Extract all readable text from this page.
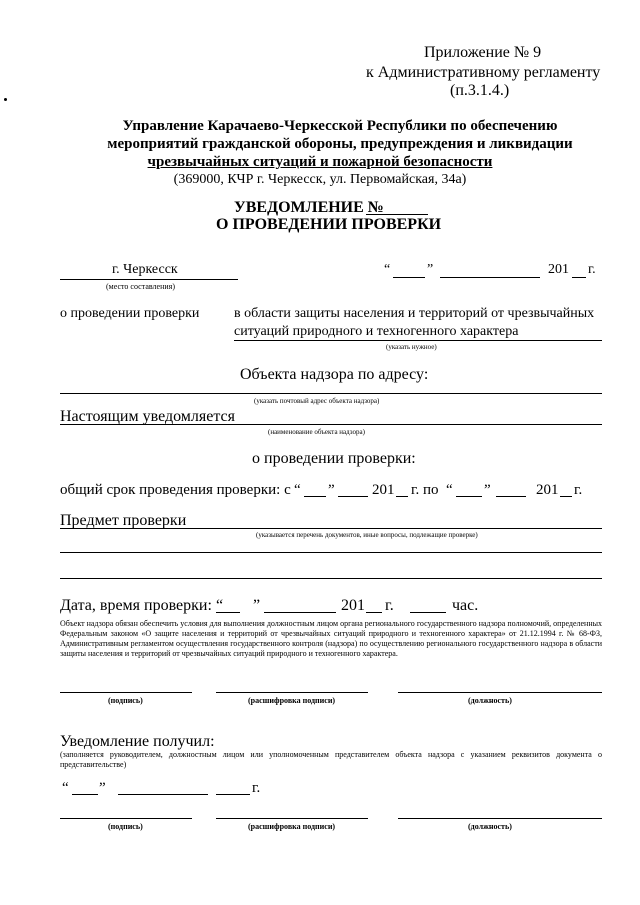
Приложение № 9
к Административному регламенту
(п.3.1.4.)
Управление Карачаево-Черкесской Республики по обеспечению
мероприятий гражданской обороны, предупреждения и ликвидации
чрезвычайных ситуаций и пожарной безопасности
(369000, КЧР г. Черкесск, ул. Первомайская, 34а)
УВЕДОМЛЕНИЕ №
О ПРОВЕДЕНИИ ПРОВЕРКИ
г. Черкесск
(место составления)
“	”	201 г.
о проведении проверки в области защиты населения и территорий от чрезвычайных
ситуаций природного и техногенного характера
(указать нужное)
Объекта надзора по адресу:
(указать почтовый адрес объекта надзора)
Настоящим уведомляется
(наименование объекта надзора)
о проведении проверки:
общий срок проведения проверки: с “ ” 201 г. по “ ”	201 г.
Предмет проверки
(указывается перечень документов, иные вопросы, подлежащие проверке)
Дата, время проверки: “ ”	201 г.	час.
Объект надзора обязан обеспечить условия для выполнения должностным лицом органа регионального государственного надзора полномочий, определенных Федеральным законом «О защите населения и территорий от чрезвычайных ситуаций природного и техногенного характера» от 21.12.1994 г. № 68-ФЗ, Административным регламентом осуществления государственного контроля (надзора) по осуществлению регионального государственного надзора в области защиты населения и территорий от чрезвычайных ситуаций природного и техногенного характера.
(подпись)	(расшифровка подписи)	(должность)
Уведомление получил:
(заполняется руководителем, должностным лицом или уполномоченным представителем объекта надзора с указанием реквизитов документа о представительстве)
“ ”	г.
(подпись)	(расшифровка подписи)	(должность)
